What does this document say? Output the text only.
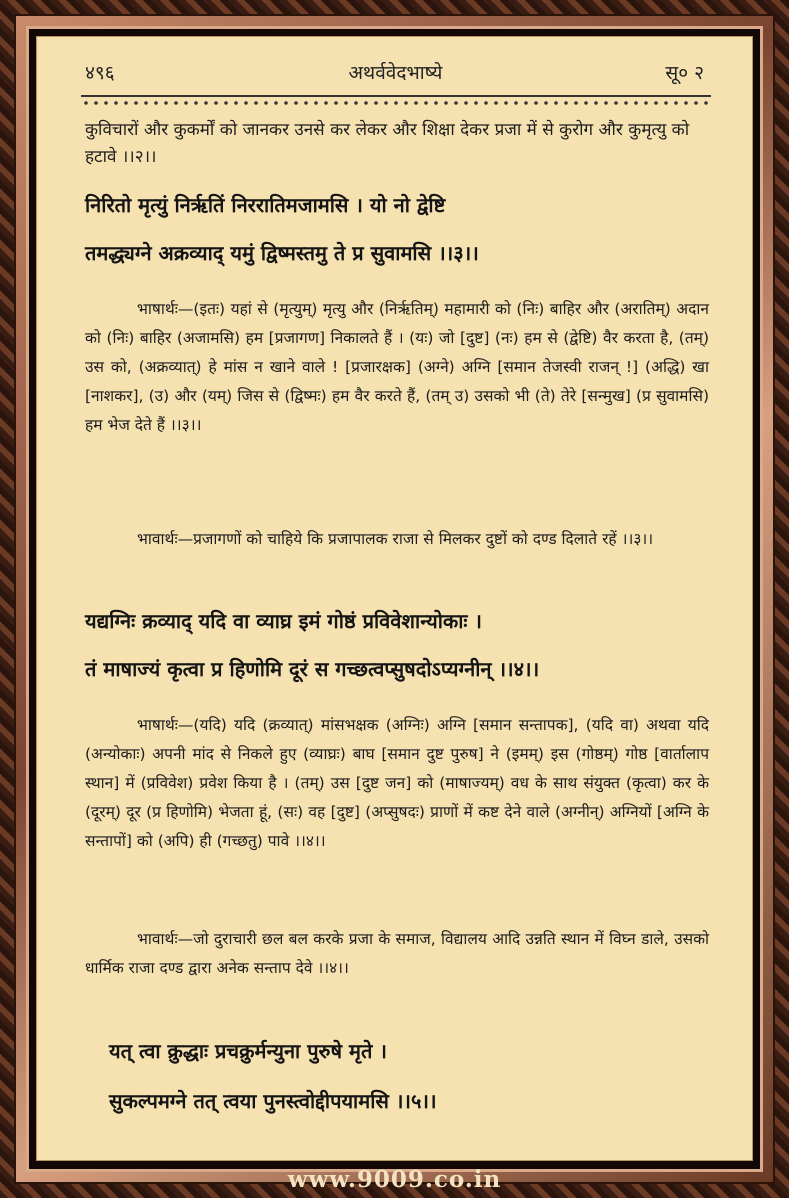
४९६	अथर्ववेदभाष्ये	सू० २
कुविचारों और कुकर्मों को जानकर उनसे कर लेकर और शिक्षा देकर प्रजा में से कुरोग और कुमृत्यु को हटावे ।।२।।
निरितो मृत्युं निर्ऋतिं निररातिमजामसि । यो नो द्वेष्टि
तमद्ध्यग्ने अक्रव्याद् यमुं द्विष्मस्तमु ते प्र सुवामसि ।।३।।
भाषार्थः—(इतः) यहां से (मृत्युम्) मृत्यु और (निर्ऋतिम्) महामारी को (निः) बाहिर और (अरातिम्) अदान को (निः) बाहिर (अजामसि) हम [प्रजागण] निकालते हैं । (यः) जो [दुष्ट] (नः) हम से (द्वेष्टि) वैर करता है, (तम्) उस को, (अक्रव्यात्) हे मांस न खाने वाले ! [प्रजारक्षक] (अग्ने) अग्नि [समान तेजस्वी राजन् !] (अद्धि) खा [नाशकर], (उ) और (यम्) जिस से (द्विष्मः) हम वैर करते हैं, (तम् उ) उसको भी (ते) तेरे [सन्मुख] (प्र सुवामसि) हम भेज देते हैं ।।३।।
भावार्थः—प्रजागणों को चाहिये कि प्रजापालक राजा से मिलकर दुष्टों को दण्ड दिलाते रहें ।।३।।
यद्यग्निः क्रव्याद् यदि वा व्याघ्र इमं गोष्ठं प्रविवेशान्योकाः ।
तं माषाज्यं कृत्वा प्र हिणोमि दूरं स गच्छत्वप्सुषदोऽप्यग्नीन् ।।४।।
भाषार्थः—(यदि) यदि (क्रव्यात्) मांसभक्षक (अग्निः) अग्नि [समान सन्तापक], (यदि वा) अथवा यदि (अन्योकाः) अपनी मांद से निकले हुए (व्याघ्रः) बाघ [समान दुष्ट पुरुष] ने (इमम्) इस (गोष्ठम्) गोष्ठ [वार्तालाप स्थान] में (प्रविवेश) प्रवेश किया है । (तम्) उस [दुष्ट जन] को (माषाज्यम्) वध के साथ संयुक्त (कृत्वा) कर के (दूरम्) दूर (प्र हिणोमि) भेजता हूं, (सः) वह [दुष्ट] (अप्सुषदः) प्राणों में कष्ट देने वाले (अग्नीन्) अग्नियों [अग्नि के सन्तापों] को (अपि) ही (गच्छतु) पावे ।।४।।
भावार्थः—जो दुराचारी छल बल करके प्रजा के समाज, विद्यालय आदि उन्नति स्थान में विघ्न डाले, उसको धार्मिक राजा दण्ड द्वारा अनेक सन्ताप देवे ।।४।।
यत् त्वा क्रुद्धाः प्रचक्रुर्मन्युना पुरुषे मृते ।
सुकल्पमग्ने तत् त्वया पुनस्त्वोद्दीपयामसि ।।५।।
www.9009.co.in
